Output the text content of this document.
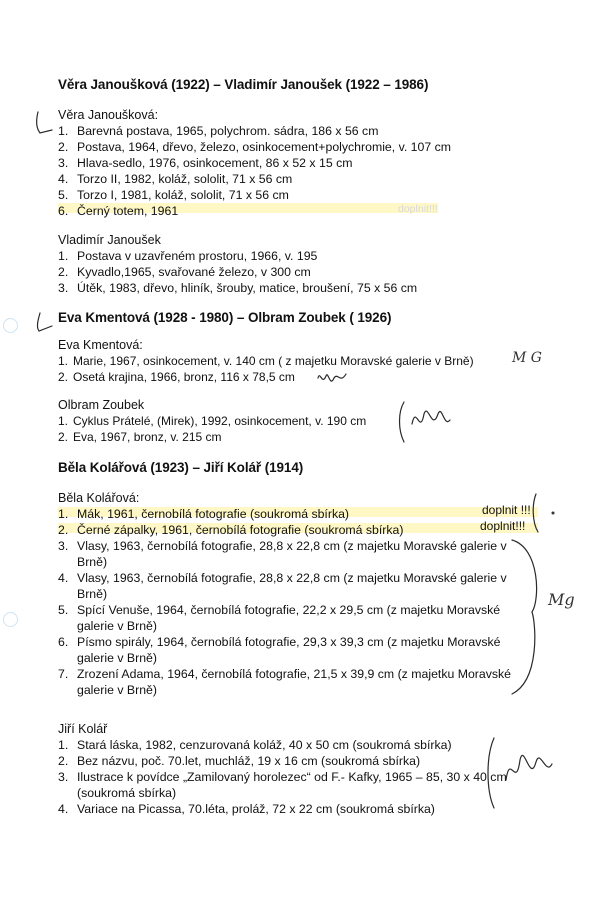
Věra Janoušková (1922) – Vladimír Janoušek (1922 – 1986)
Věra Janoušková:
1. Barevná postava, 1965, polychrom. sádra, 186 x 56 cm
2. Postava, 1964, dřevo, železo, osinkocement+polychromie, v. 107 cm
3. Hlava-sedlo, 1976, osinkocement, 86 x 52 x 15 cm
4. Torzo II, 1982, koláž, sololit, 71 x 56 cm
5. Torzo I, 1981, koláž, sololit, 71 x 56 cm
6. Černý totem, 1961	doplnit!!!
Vladimír Janoušek
1. Postava v uzavřeném prostoru, 1966, v. 195
2. Kyvadlo,1965, svařované železo, v 300 cm
3. Útěk, 1983, dřevo, hliník, šrouby, matice, broušení, 75 x 56 cm
Eva Kmentová (1928 - 1980) – Olbram Zoubek ( 1926)
Eva Kmentová:
1. Marie, 1967, osinkocement, v. 140 cm ( z majetku Moravské galerie v Brně)
2. Osetá krajina, 1966, bronz, 116 x 78,5 cm
M G
Olbram Zoubek
1. Cyklus Prátelé, (Mirek), 1992, osinkocement, v. 190 cm
2. Eva, 1967, bronz, v. 215 cm
Běla Kolářová (1923) – Jiří Kolář (1914)
Běla Kolářová:
1. Mák, 1961, černobílá fotografie (soukromá sbírka)
2. Černé zápalky, 1961, černobílá fotografie (soukromá sbírka)
3. Vlasy, 1963, černobílá fotografie, 28,8 x 22,8 cm (z majetku Moravské galerie v Brně)
4. Vlasy, 1963, černobílá fotografie, 28,8 x 22,8 cm (z majetku Moravské galerie v Brně)
5. Spící Venuše, 1964, černobílá fotografie, 22,2 x 29,5 cm (z majetku Moravské galerie v Brně)
6. Písmo spirály, 1964, černobílá fotografie, 29,3 x 39,3 cm (z majetku Moravské galerie v Brně)
7. Zrození Adama, 1964, černobílá fotografie, 21,5 x 39,9 cm (z majetku Moravské galerie v Brně)
doplnit !!!
doplnit!!!
Mg
Jiří Kolář
1. Stará láska, 1982, cenzurovaná koláž, 40 x 50 cm (soukromá sbírka)
2. Bez názvu, poč. 70.let, muchláž, 19 x 16 cm (soukromá sbírka)
3. Ilustrace k povídce „Zamilovaný horolezec“ od F.- Kafky, 1965 – 85, 30 x 40 cm (soukromá sbírka)
4. Variace na Picassa, 70.léta, proláž, 72 x 22 cm (soukromá sbírka)
